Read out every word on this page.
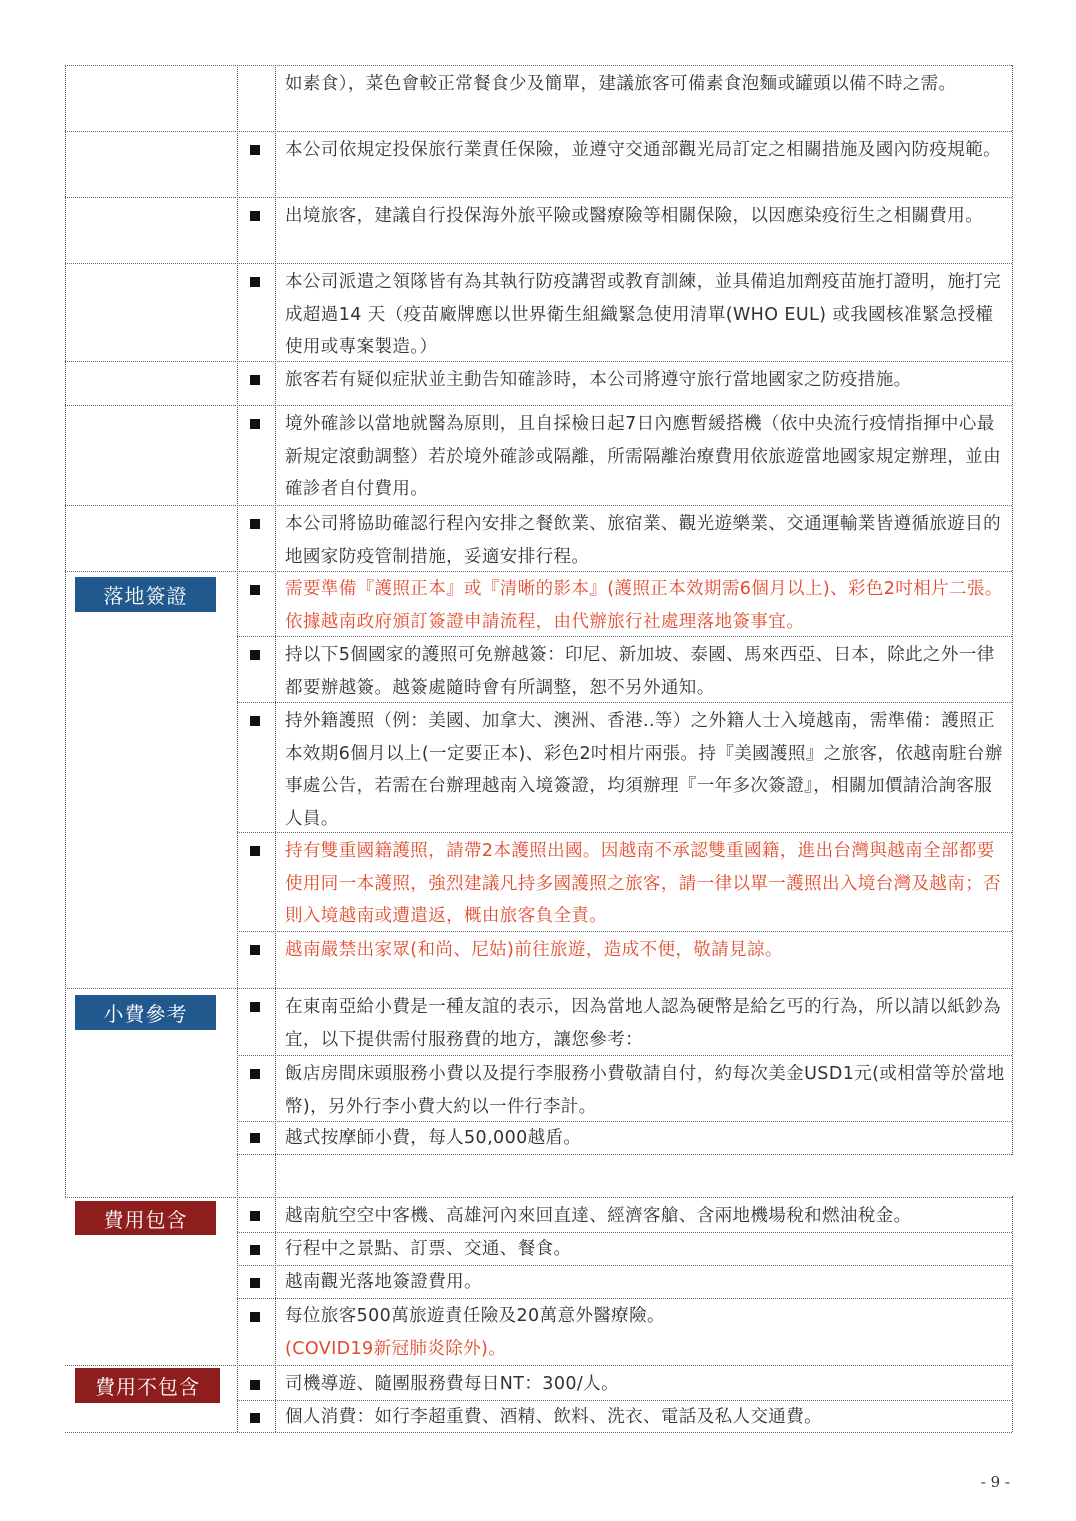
落地簽證
小費參考
費用包含
費用不包含
如素食），菜色會較正常餐食少及簡單，建議旅客可備素食泡麵或罐頭以備不時之需。
本公司依規定投保旅行業責任保險，並遵守交通部觀光局訂定之相關措施及國內防疫規範。
出境旅客，建議自行投保海外旅平險或醫療險等相關保險，以因應染疫衍生之相關費用。
本公司派遣之領隊皆有為其執行防疫講習或教育訓練，並具備追加劑疫苗施打證明，施打完成超過14 天（疫苗廠牌應以世界衛生組織緊急使用清單(WHO EUL) 或我國核准緊急授權使用或專案製造。）
旅客若有疑似症狀並主動告知確診時，本公司將遵守旅行當地國家之防疫措施。
境外確診以當地就醫為原則，且自採檢日起7日內應暫緩搭機（依中央流行疫情指揮中心最新規定滾動調整）若於境外確診或隔離，所需隔離治療費用依旅遊當地國家規定辦理，並由確診者自付費用。
本公司將協助確認行程內安排之餐飲業、旅宿業、觀光遊樂業、交通運輸業皆遵循旅遊目的地國家防疫管制措施，妥適安排行程。
需要準備『護照正本』或『清晰的影本』(護照正本效期需6個月以上)、彩色2吋相片二張。依據越南政府頒訂簽證申請流程，由代辦旅行社處理落地簽事宜。
持以下5個國家的護照可免辦越簽：印尼、新加坡、泰國、馬來西亞、日本，除此之外一律都要辦越簽。越簽處隨時會有所調整，恕不另外通知。
持外籍護照（例：美國、加拿大、澳洲、香港..等）之外籍人士入境越南，需準備：護照正本效期6個月以上(一定要正本)、彩色2吋相片兩張。持『美國護照』之旅客，依越南駐台辦事處公告，若需在台辦理越南入境簽證，均須辦理『一年多次簽證』，相關加價請洽詢客服人員。
持有雙重國籍護照，請帶2本護照出國。因越南不承認雙重國籍，進出台灣與越南全部都要使用同一本護照，強烈建議凡持多國護照之旅客，請一律以單一護照出入境台灣及越南；否則入境越南或遭遣返，概由旅客負全責。
越南嚴禁出家眾(和尚、尼姑)前往旅遊，造成不便，敬請見諒。
在東南亞給小費是一種友誼的表示，因為當地人認為硬幣是給乞丐的行為，所以請以紙鈔為宜，以下提供需付服務費的地方，讓您參考：
飯店房間床頭服務小費以及提行李服務小費敬請自付，約每次美金USD1元(或相當等於當地幣)，另外行李小費大約以一件行李計。
越式按摩師小費，每人50,000越盾。
越南航空空中客機、高雄河內來回直達、經濟客艙、含兩地機場稅和燃油稅金。
行程中之景點、訂票、交通、餐食。
越南觀光落地簽證費用。
每位旅客500萬旅遊責任險及20萬意外醫療險。
(COVID19新冠肺炎除外)。
司機導遊、隨團服務費每日NT：300/人。
個人消費：如行李超重費、酒精、飲料、洗衣、電話及私人交通費。
- 9 -
